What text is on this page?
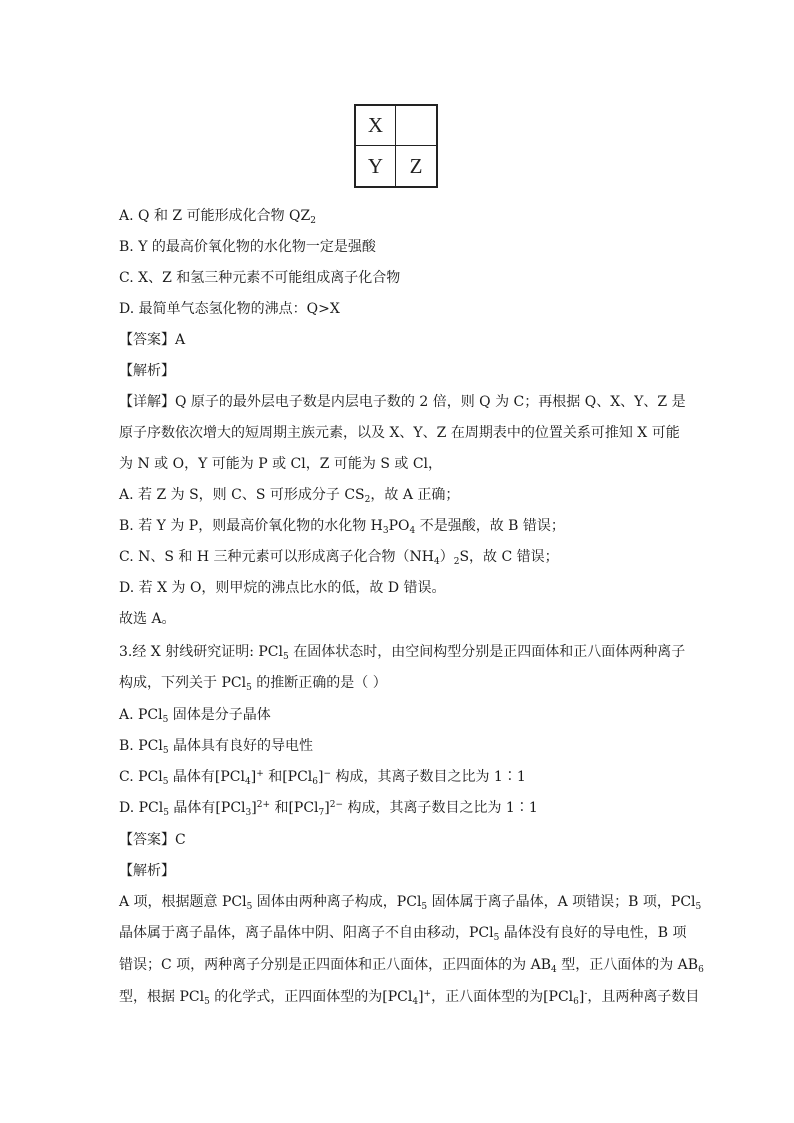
X
Y	Z
A. Q 和 Z 可能形成化合物 $QZ_2$
B. Y 的最高价氧化物的水化物一定是强酸
C. X、Z 和氢三种元素不可能组成离子化合物
D. 最简单气态氢化物的沸点：Q>X
【答案】A
【解析】
【详解】Q 原子的最外层电子数是内层电子数的 2 倍，则 Q 为 C；再根据 Q、X、Y、Z 是
原子序数依次增大的短周期主族元素，以及 X、Y、Z 在周期表中的位置关系可推知 X 可能
为 N 或 O，Y 可能为 P 或 Cl，Z 可能为 S 或 Cl，
A. 若 Z 为 S，则 C、S 可形成分子 $CS_2$，故 A 正确；
B. 若 Y 为 P，则最高价氧化物的水化物 $H_3PO_4$ 不是强酸，故 B 错误；
C. N、S 和 H 三种元素可以形成离子化合物$(NH_4)_2S$，故 C 错误；
D. 若 X 为 O，则甲烷的沸点比水的低，故 D 错误。
故选 A。
3.经 X 射线研究证明: PCl$_5$ 在固体状态时，由空间构型分别是正四面体和正八面体两种离子
构成，下列关于 PCl$_5$ 的推断正确的是（ ）
A. PCl$_5$ 固体是分子晶体
B. PCl$_5$ 晶体具有良好的导电性
C. PCl$_5$ 晶体有[PCl$_4$]+ 和[PCl$_6$]− 构成，其离子数目之比为 1∶1
D. PCl$_5$ 晶体有$[PCl_3]^{2+}$ 和$[PCl_7]^{2-}$ 构成，其离子数目之比为 1∶1
【答案】C
【解析】
A 项，根据题意 PCl$_5$ 固体由两种离子构成，PCl$_5$ 固体属于离子晶体，A 项错误；B 项，PCl$_5$
晶体属于离子晶体，离子晶体中阴、阳离子不自由移动，PCl$_5$ 晶体没有良好的导电性，B 项
错误；C 项，两种离子分别是正四面体和正八面体，正四面体的为 $AB_4$ 型，正八面体的为 $AB_6$
型，根据 PCl$_5$ 的化学式，正四面体型的为[PCl$_4$]+，正八面体型的为[PCl$_6$]-，且两种离子数目
